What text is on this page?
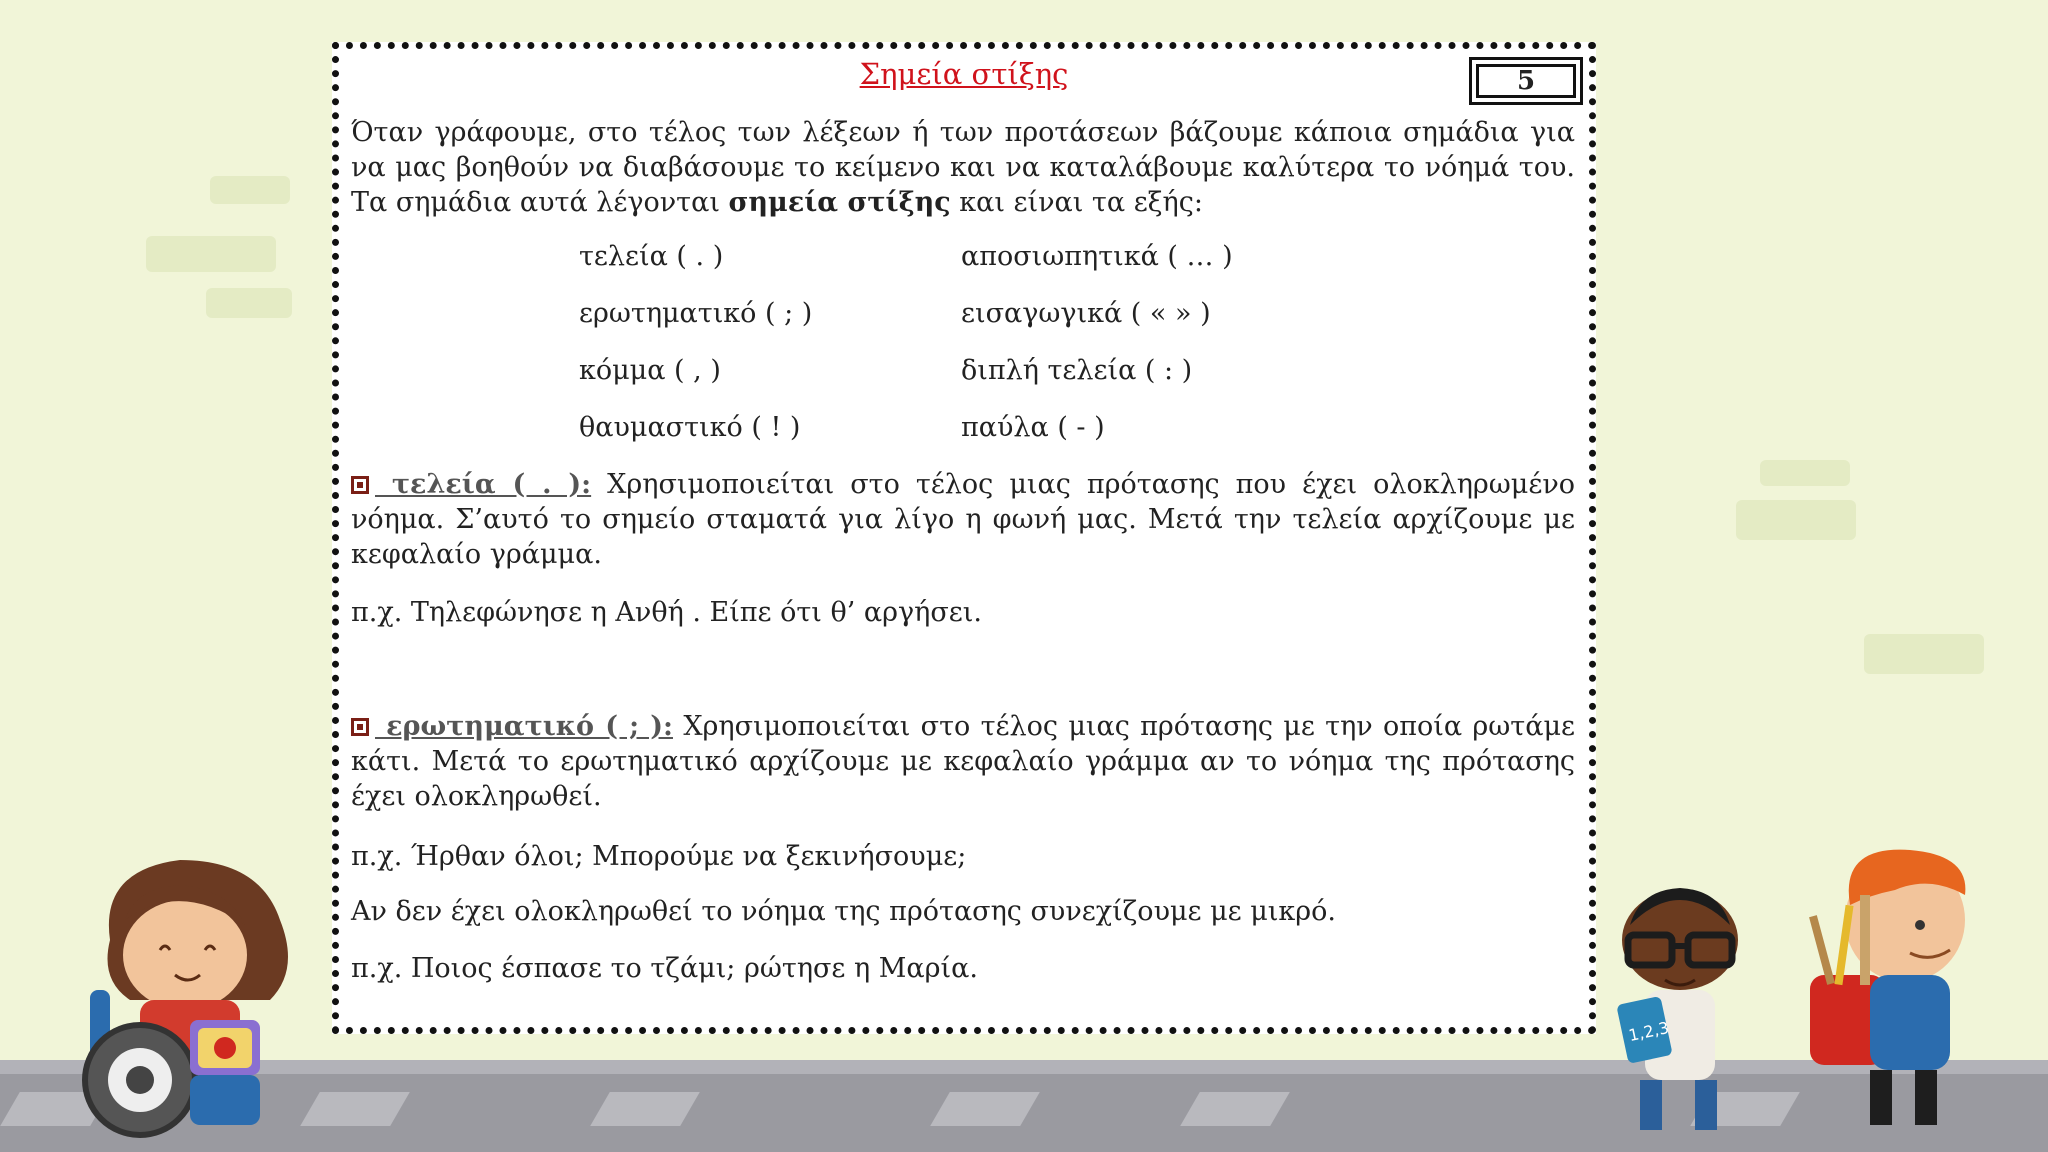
Σημεία στίξης	5
Όταν γράφουμε, στο τέλος των λέξεων ή των προτάσεων βάζουμε κάποια σημάδια για να μας βοηθούν να διαβάσουμε το κείμενο και να καταλάβουμε καλύτερα το νόημά του. Τα σημάδια αυτά λέγονται σημεία στίξης και είναι τα εξής:
τελεία ( . )	αποσιωπητικά ( … )
ερωτηματικό ( ; )	εισαγωγικά ( « » )
κόμμα ( , )	διπλή τελεία ( : )
θαυμαστικό ( ! )	παύλα ( - )
τελεία ( . ): Χρησιμοποιείται στο τέλος μιας πρότασης που έχει ολοκληρωμένο νόημα. Σ’αυτό το σημείο σταματά για λίγο η φωνή μας. Μετά την τελεία αρχίζουμε με κεφαλαίο γράμμα.
π.χ. Τηλεφώνησε η Ανθή . Είπε ότι θ’ αργήσει.
ερωτηματικό ( ; ): Χρησιμοποιείται στο τέλος μιας πρότασης με την οποία ρωτάμε κάτι. Μετά το ερωτηματικό αρχίζουμε με κεφαλαίο γράμμα αν το νόημα της πρότασης έχει ολοκληρωθεί.
π.χ. Ήρθαν όλοι; Μπορούμε να ξεκινήσουμε;
Αν δεν έχει ολοκληρωθεί το νόημα της πρότασης συνεχίζουμε με μικρό.
π.χ. Ποιος έσπασε το τζάμι; ρώτησε η Μαρία.
1,2,3
